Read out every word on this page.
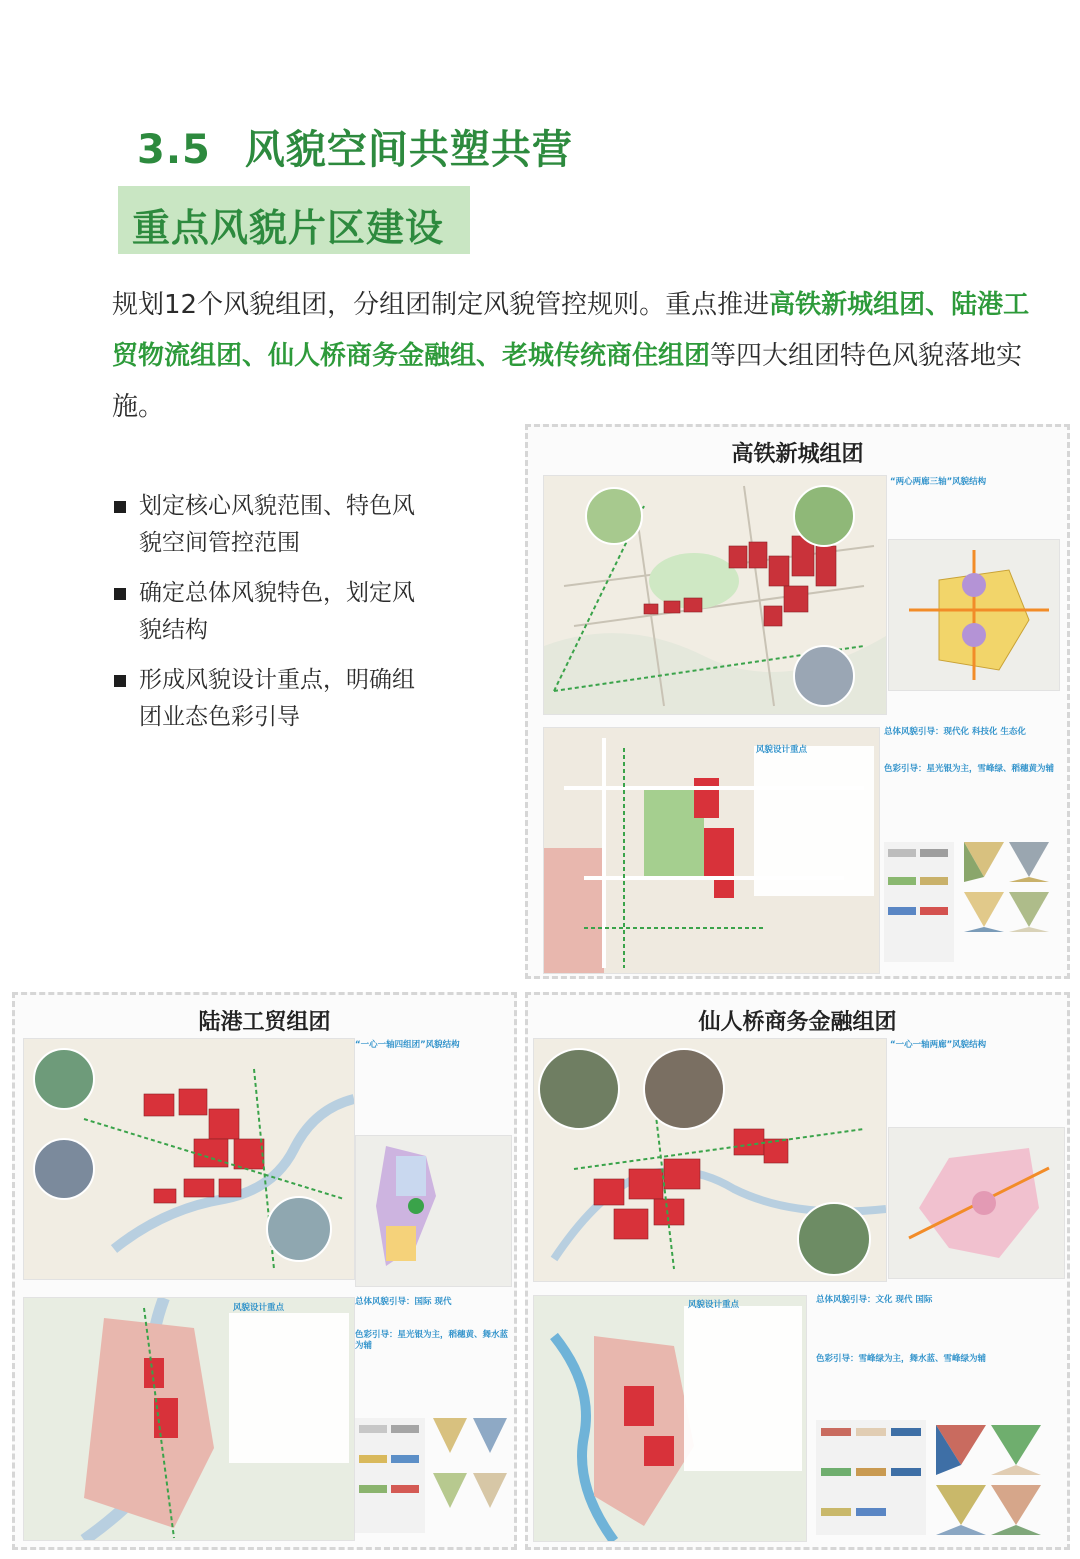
3.5 风貌空间共塑共营
重点风貌片区建设
规划12个风貌组团，分组团制定风貌管控规则。重点推进高铁新城组团、陆港工贸物流组团、仙人桥商务金融组、老城传统商住组团等四大组团特色风貌落地实施。
划定核心风貌范围、特色风貌空间管控范围
确定总体风貌特色，划定风貌结构
形成风貌设计重点，明确组团业态色彩引导
高铁新城组团
“两心两廊三轴”风貌结构
风貌设计重点
总体风貌引导：现代化 科技化 生态化
色彩引导：星光银为主，雪峰绿、稻穗黄为辅
陆港工贸组团
“一心一轴四组团”风貌结构
风貌设计重点
总体风貌引导：国际 现代
色彩引导：星光银为主，稻穗黄、舞水蓝为辅
仙人桥商务金融组团
“一心一轴两廊”风貌结构
风貌设计重点	总体风貌引导：文化 现代 国际
色彩引导：雪峰绿为主，舞水蓝、雪峰绿为辅
